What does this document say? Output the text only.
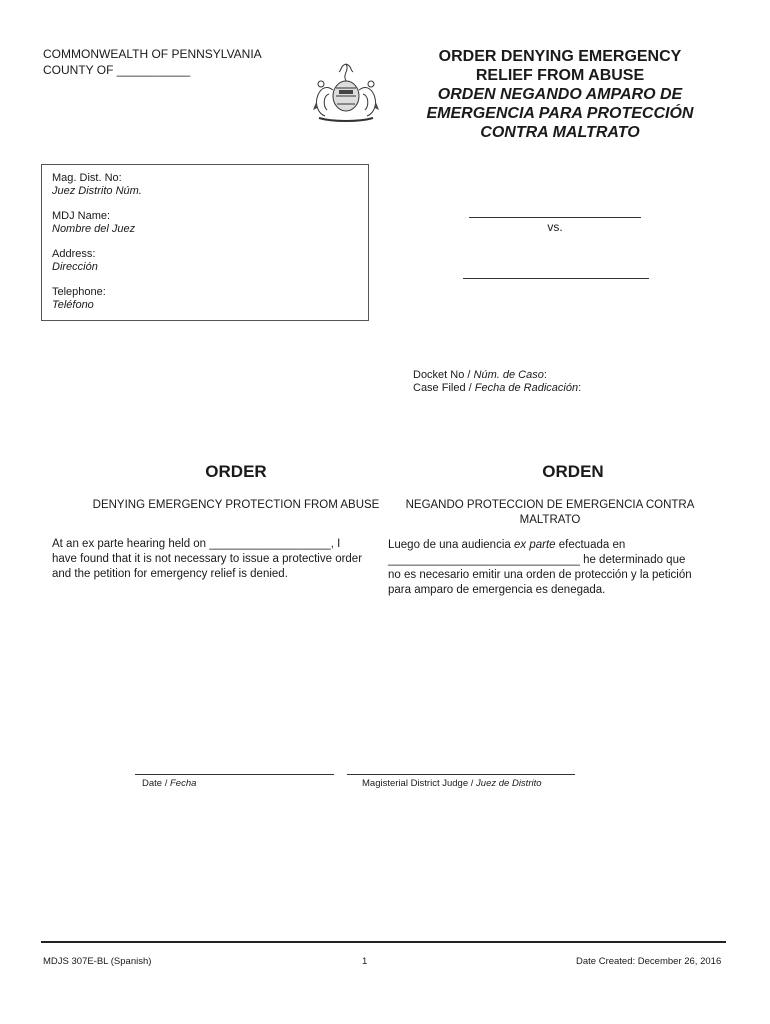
COMMONWEALTH OF PENNSYLVANIA
COUNTY OF ___________
ORDER DENYING EMERGENCY
RELIEF FROM ABUSE
ORDEN NEGANDO AMPARO DE
EMERGENCIA PARA PROTECCIÓN
CONTRA MALTRATO
Mag. Dist. No:
Juez Distrito Núm.
MDJ Name:
Nombre del Juez
Address:
Dirección
Telephone:
Teléfono
vs.
Docket No / Núm. de Caso:
Case Filed / Fecha de Radicación:
ORDER
DENYING EMERGENCY PROTECTION FROM ABUSE
At an ex parte hearing held on ___________________, I
have found that it is not necessary to issue a protective order
and the petition for emergency relief is denied.
ORDEN
NEGANDO PROTECCION DE EMERGENCIA CONTRA
MALTRATO
Luego de una audiencia ex parte efectuada en
______________________________ he determinado que
no es necesario emitir una orden de protección y la petición
para amparo de emergencia es denegada.
Date / Fecha	Magisterial District Judge / Juez de Distrito
MDJS 307E-BL (Spanish)	1	Date Created: December 26, 2016
